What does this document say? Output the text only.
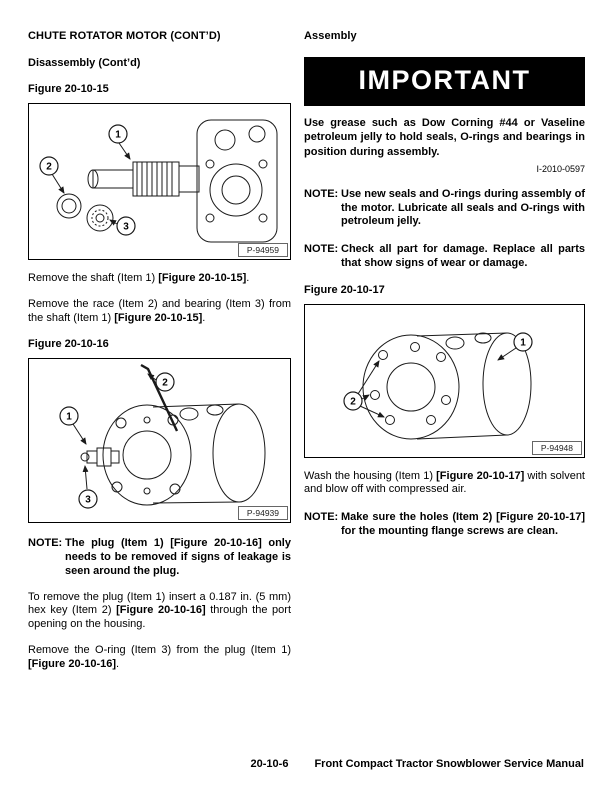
CHUTE ROTATOR MOTOR (CONT’D)
Disassembly (Cont’d)
Figure 20-10-15
1
2
3
P-94959

Remove the shaft (Item 1) [Figure 20-10-15].

Remove the race (Item 2) and bearing (Item 3) from the shaft (Item 1) [Figure 20-10-15].

Figure 20-10-16
1
2
3
P-94939
NOTE: The plug (Item 1) [Figure 20-10-16] only needs to be removed if signs of leakage is seen around the plug.

To remove the plug (Item 1) insert a 0.187 in. (5 mm) hex key (Item 2) [Figure 20-10-16] through the port opening on the housing.

Remove the O-ring (Item 3) from the plug (Item 1) [Figure 20-10-16].

Assembly
IMPORTANT

Use grease such as Dow Corning #44 or Vaseline petroleum jelly to hold seals, O-rings and bearings in position during assembly.

I-2010-0597
NOTE: Use new seals and O-rings during assembly of the motor. Lubricate all seals and O-rings with petroleum jelly.
NOTE: Check all part for damage. Replace all parts that show signs of wear or damage.
Figure 20-10-17
1
2
P-94948

Wash the housing (Item 1) [Figure 20-10-17] with solvent and blow off with compressed air.

NOTE: Make sure the holes (Item 2) [Figure 20-10-17] for the mounting flange screws are clean.
20-10-6 Front Compact Tractor Snowblower Service Manual
